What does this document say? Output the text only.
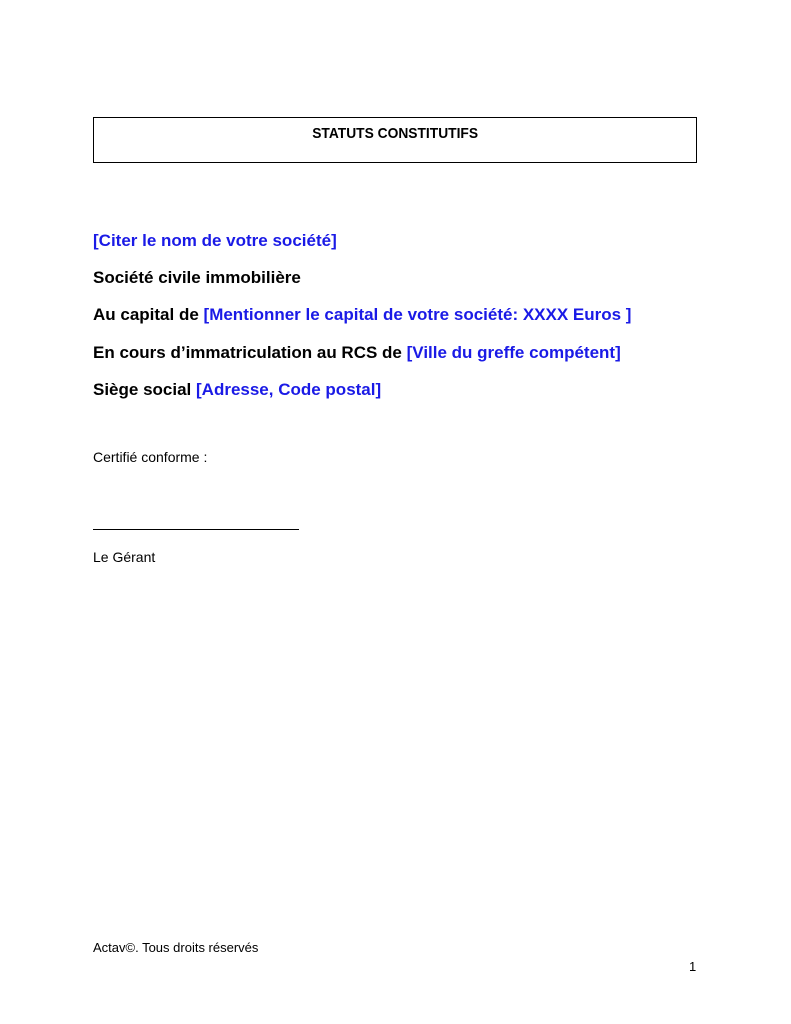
STATUTS CONSTITUTIFS
[Citer le nom de votre société]
Société civile immobilière
Au capital de [Mentionner le capital de votre société: XXXX Euros ]
En cours d’immatriculation au RCS de [Ville du greffe compétent]
Siège social [Adresse, Code postal]
Certifié conforme :
Le Gérant
Actav©. Tous droits réservés
1
